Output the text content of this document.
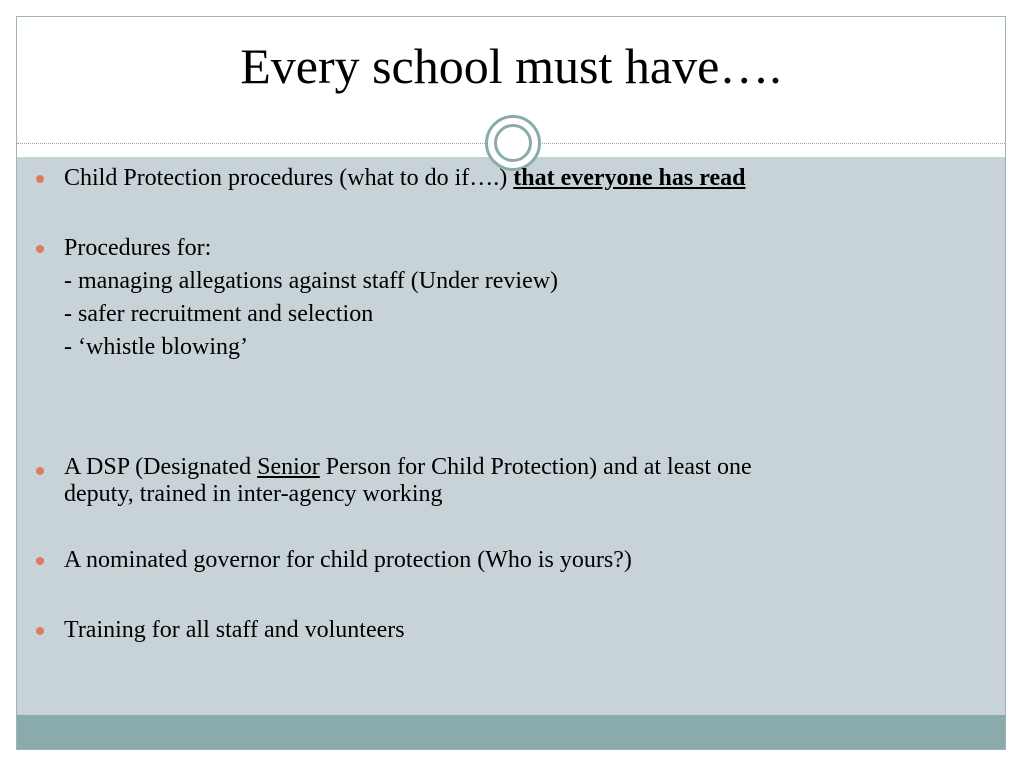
Every school must have….
Child Protection procedures (what to do if….) that everyone has read
Procedures for:
- managing allegations against staff (Under review)
- safer recruitment and selection
- ‘whistle blowing’
A DSP (Designated Senior Person for Child Protection) and at least one
deputy, trained in inter-agency working
A nominated governor for child protection (Who is yours?)
Training for all staff and volunteers
